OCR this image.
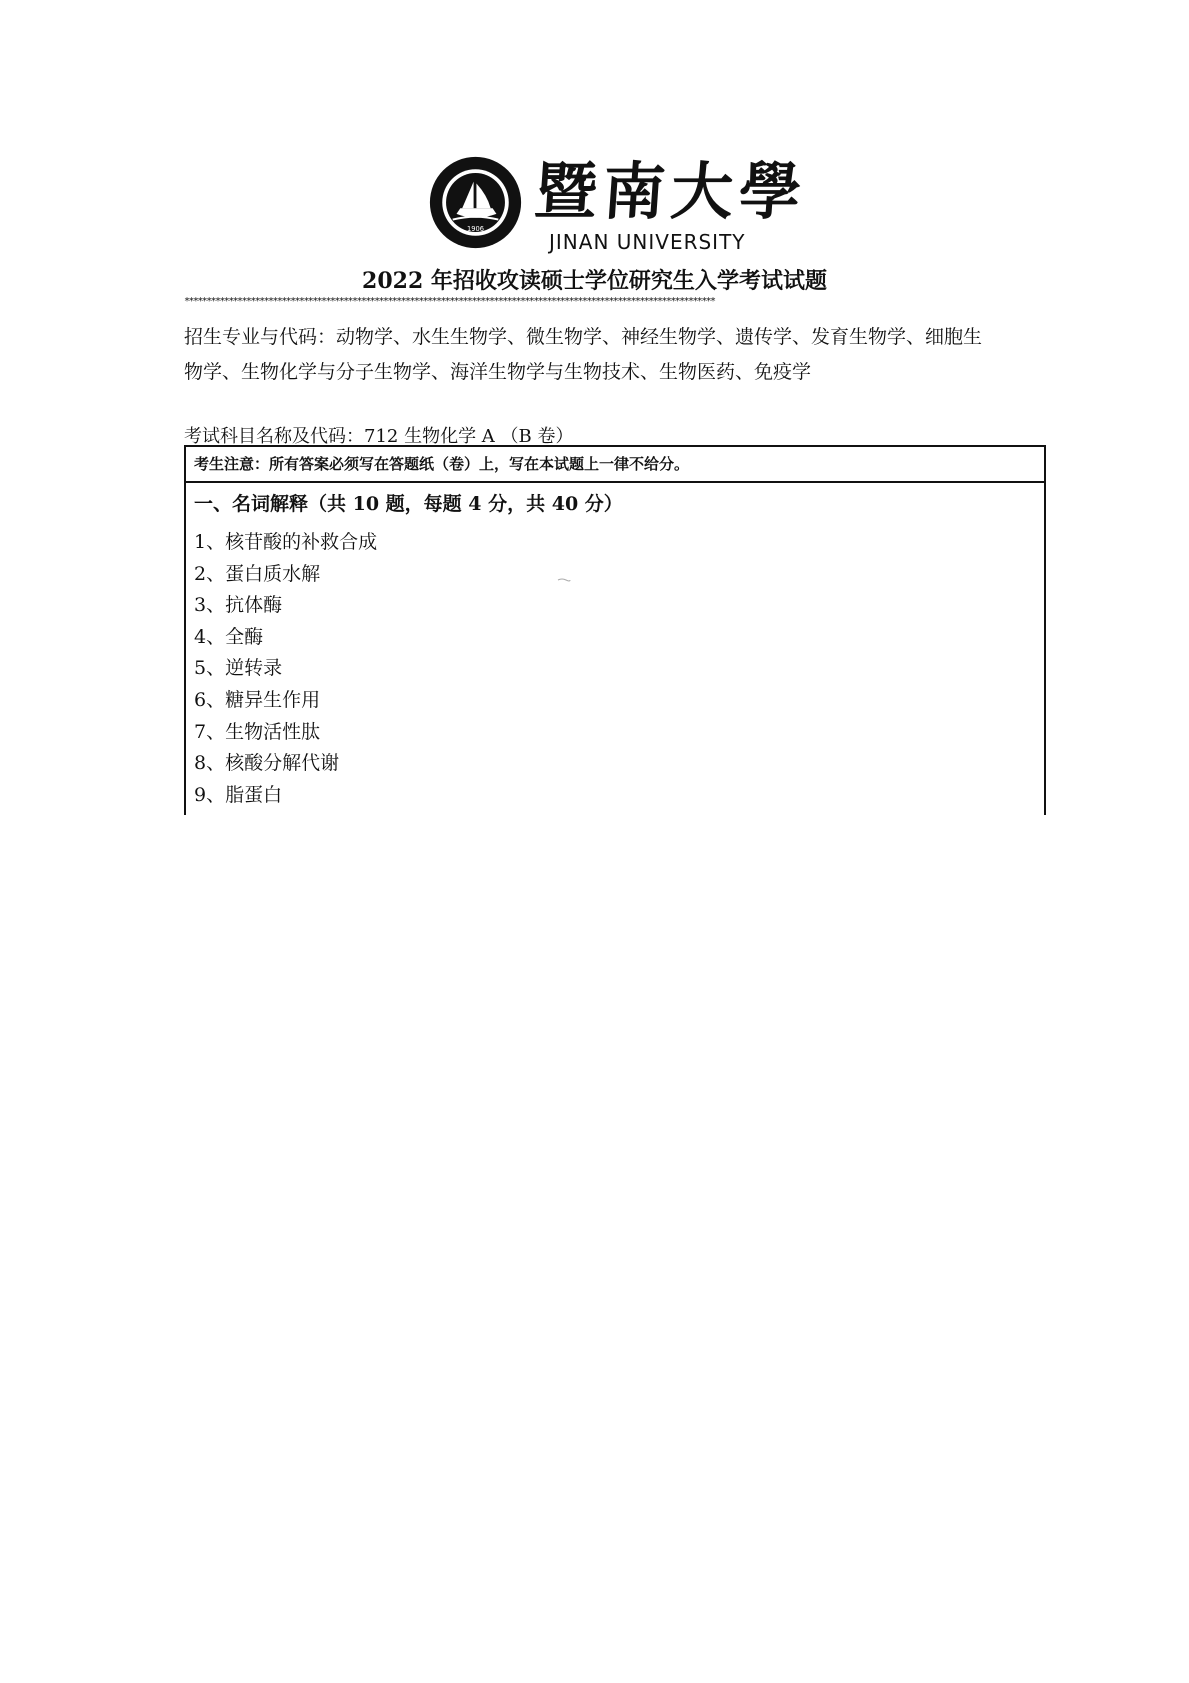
1906
暨南大學
JINAN UNIVERSITY
2022 年招收攻读硕士学位研究生入学考试试题
************************************************************************************************************************
招生专业与代码：动物学、水生生物学、微生物学、神经生物学、遗传学、发育生物学、细胞生物学、生物化学与分子生物学、海洋生物学与生物技术、生物医药、免疫学
考试科目名称及代码：712 生物化学 A （B 卷）
考生注意：所有答案必须写在答题纸（卷）上，写在本试题上一律不给分。
一、名词解释（共 10 题，每题 4 分，共 40 分）
1、核苷酸的补救合成
2、蛋白质水解
3、抗体酶
4、全酶
5、逆转录
6、糖异生作用
7、生物活性肽
8、核酸分解代谢
9、脂蛋白
